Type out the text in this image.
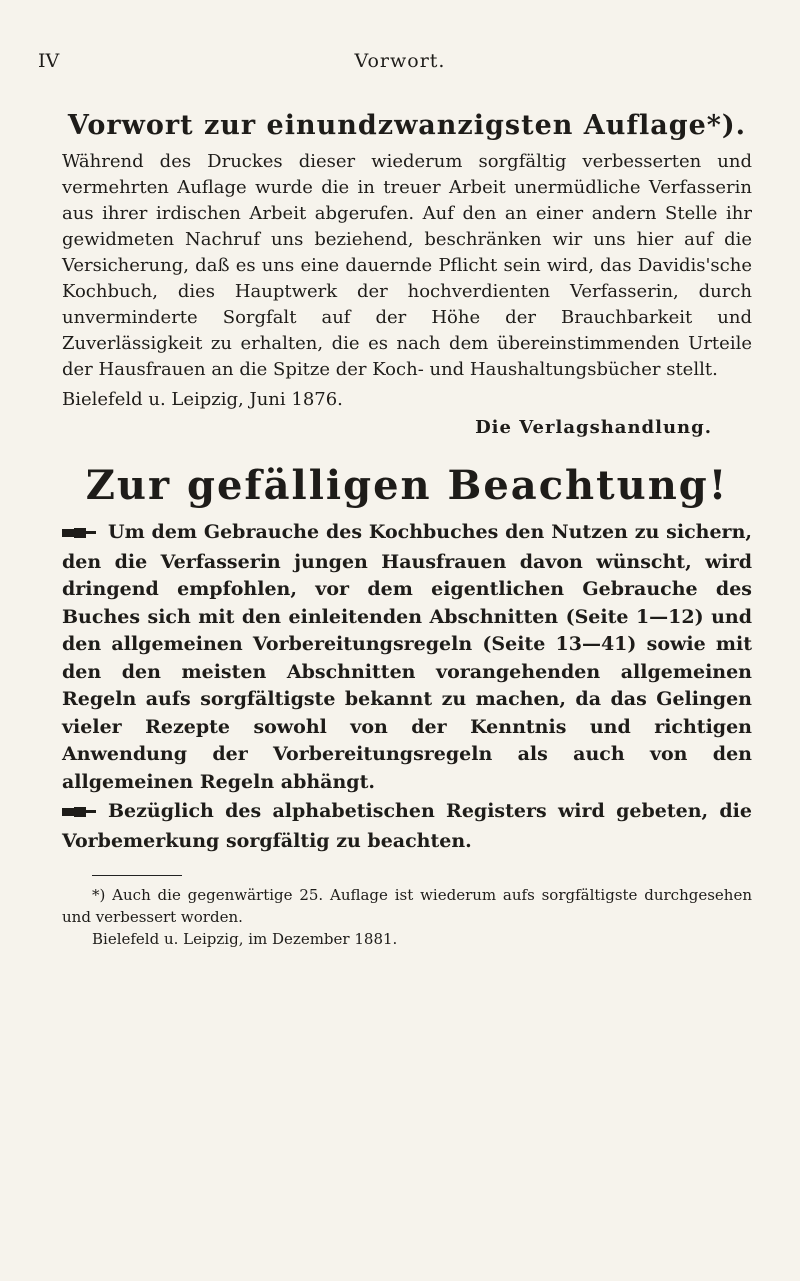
IV	Vorwort.
Vorwort zur einundzwanzigsten Auflage*).

Während des Druckes dieser wiederum sorgfältig verbesserten und vermehrten Auflage wurde die in treuer Arbeit unermüdliche Verfasserin aus ihrer irdischen Arbeit abgerufen. Auf den an einer andern Stelle ihr gewidmeten Nachruf uns beziehend, beschränken wir uns hier auf die Versicherung, daß es uns eine dauernde Pflicht sein wird, das Davidis'sche Kochbuch, dies Hauptwerk der hochverdienten Verfasserin, durch unverminderte Sorgfalt auf der Höhe der Brauchbarkeit und Zuverlässigkeit zu erhalten, die es nach dem übereinstimmenden Urteile der Hausfrauen an die Spitze der Koch- und Haushaltungsbücher stellt.

Bielefeld u. Leipzig, Juni 1876.
Die Verlagshandlung.
Zur gefälligen Beachtung!

Um dem Gebrauche des Kochbuches den Nutzen zu sichern, den die Verfasserin jungen Hausfrauen davon wünscht, wird dringend empfohlen, vor dem eigentlichen Gebrauche des Buches sich mit den einleitenden Abschnitten (Seite 1—12) und den allgemeinen Vorbereitungsregeln (Seite 13—41) sowie mit den den meisten Abschnitten vorangehenden allgemeinen Regeln aufs sorgfältigste bekannt zu machen, da das Gelingen vieler Rezepte sowohl von der Kenntnis und richtigen Anwendung der Vorbereitungsregeln als auch von den allgemeinen Regeln abhängt.

Bezüglich des alphabetischen Registers wird gebeten, die Vorbemerkung sorgfältig zu beachten.

*) Auch die gegenwärtige 25. Auflage ist wiederum aufs sorgfältigste durchgesehen und verbessert worden.

Bielefeld u. Leipzig, im Dezember 1881.
